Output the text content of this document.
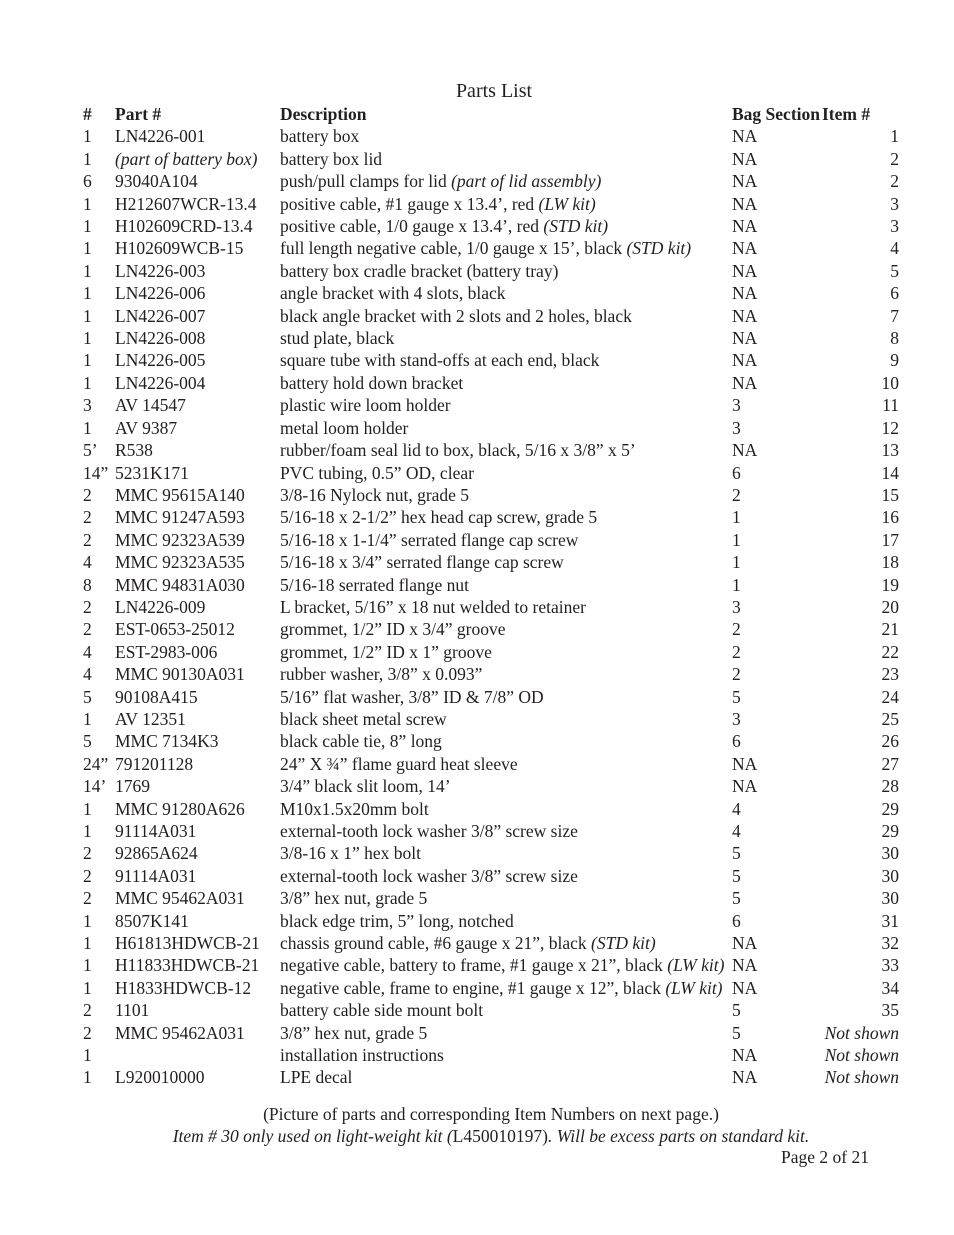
Parts List
#	Part #	Description	Bag Section	Item #
1	LN4226-001	battery box	NA	1
1	(part of battery box)	battery box lid	NA	2
6	93040A104	push/pull clamps for lid (part of lid assembly)	NA	2
1	H212607WCR-13.4	positive cable, #1 gauge x 13.4’, red (LW kit)	NA	3
1	H102609CRD-13.4	positive cable, 1/0 gauge x 13.4’, red (STD kit)	NA	3
1	H102609WCB-15	full length negative cable, 1/0 gauge x 15’, black (STD kit)	NA	4
1	LN4226-003	battery box cradle bracket (battery tray)	NA	5
1	LN4226-006	angle bracket with 4 slots, black	NA	6
1	LN4226-007	black angle bracket with 2 slots and 2 holes, black	NA	7
1	LN4226-008	stud plate, black	NA	8
1	LN4226-005	square tube with stand-offs at each end, black	NA	9
1	LN4226-004	battery hold down bracket	NA	10
3	AV 14547	plastic wire loom holder	3	11
1	AV 9387	metal loom holder	3	12
5’	R538	rubber/foam seal lid to box, black, 5/16 x 3/8” x 5’	NA	13
14”	5231K171	PVC tubing, 0.5” OD, clear	6	14
2	MMC 95615A140	3/8-16 Nylock nut, grade 5	2	15
2	MMC 91247A593	5/16-18 x 2-1/2” hex head cap screw, grade 5	1	16
2	MMC 92323A539	5/16-18 x 1-1/4” serrated flange cap screw	1	17
4	MMC 92323A535	5/16-18 x 3/4” serrated flange cap screw	1	18
8	MMC 94831A030	5/16-18 serrated flange nut	1	19
2	LN4226-009	L bracket, 5/16” x 18 nut welded to retainer	3	20
2	EST-0653-25012	grommet, 1/2” ID x 3/4” groove	2	21
4	EST-2983-006	grommet, 1/2” ID x 1” groove	2	22
4	MMC 90130A031	rubber washer, 3/8” x 0.093”	2	23
5	90108A415	5/16” flat washer, 3/8” ID & 7/8” OD	5	24
1	AV 12351	black sheet metal screw	3	25
5	MMC 7134K3	black cable tie, 8” long	6	26
24”	791201128	24” X ¾” flame guard heat sleeve	NA	27
14’	1769	3/4” black slit loom, 14’	NA	28
1	MMC 91280A626	M10x1.5x20mm bolt	4	29
1	91114A031	external-tooth lock washer 3/8” screw size	4	29
2	92865A624	3/8-16 x 1” hex bolt	5	30
2	91114A031	external-tooth lock washer 3/8” screw size	5	30
2	MMC 95462A031	3/8” hex nut, grade 5	5	30
1	8507K141	black edge trim, 5” long, notched	6	31
1	H61813HDWCB-21	chassis ground cable, #6 gauge x 21”, black (STD kit)	NA	32
1	H11833HDWCB-21	negative cable, battery to frame, #1 gauge x 21”, black (LW kit)	NA	33
1	H1833HDWCB-12	negative cable, frame to engine, #1 gauge x 12”, black (LW kit)	NA	34
2	1101	battery cable side mount bolt	5	35
2	MMC 95462A031	3/8” hex nut, grade 5	5	Not shown
1		installation instructions	NA	Not shown
1	L920010000	LPE decal	NA	Not shown
(Picture of parts and corresponding Item Numbers on next page.)
Item # 30 only used on light-weight kit (L450010197). Will be excess parts on standard kit.
Page 2 of 21
